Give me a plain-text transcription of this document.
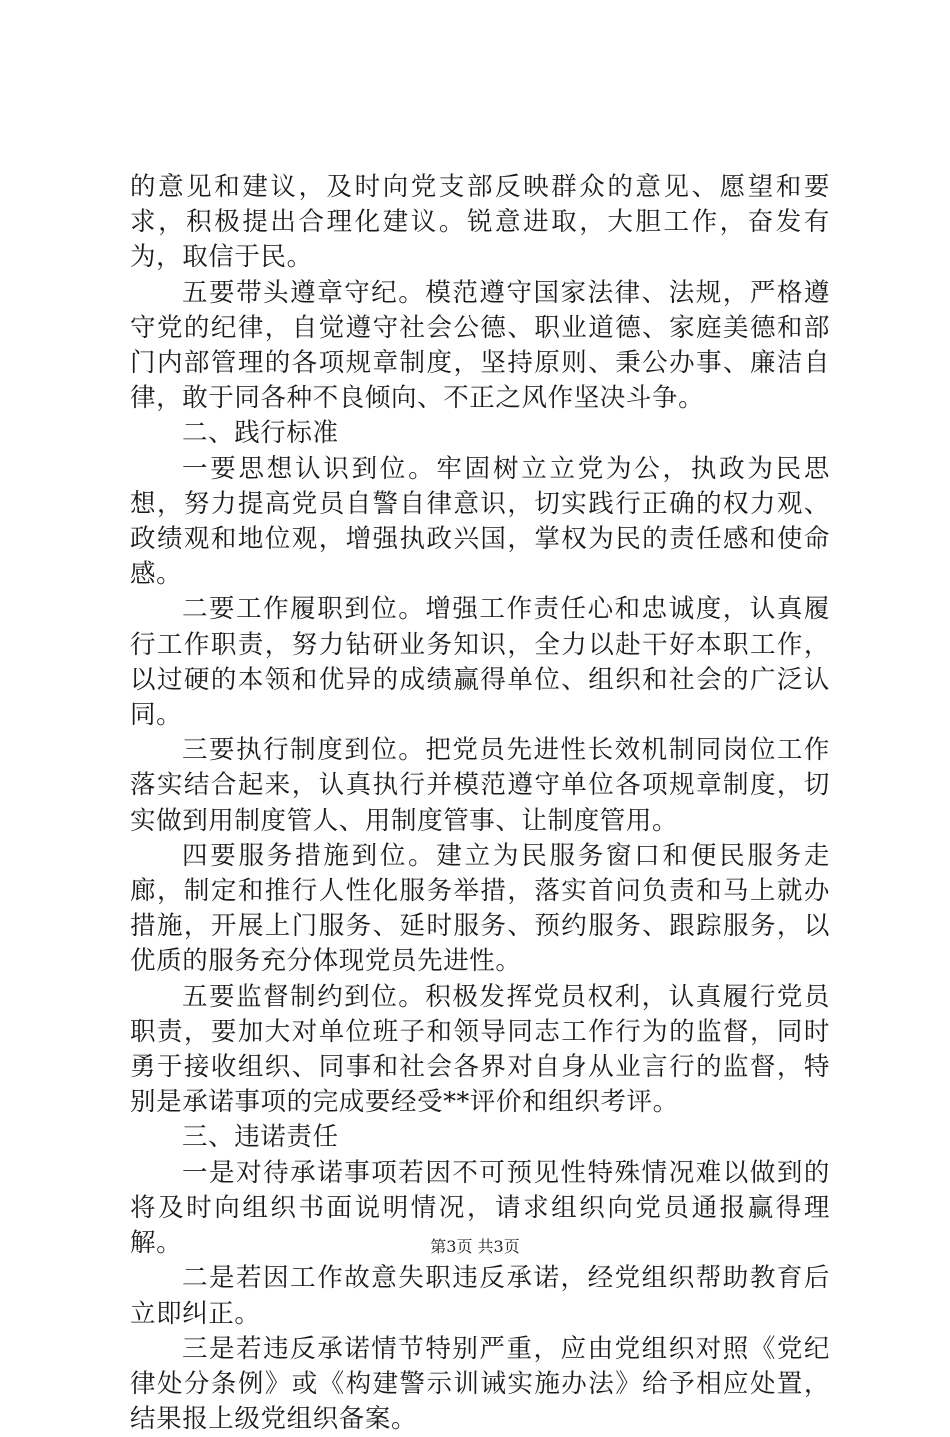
的意见和建议，及时向党支部反映群众的意见、愿望和要求，积极提出合理化建议。锐意进取，大胆工作，奋发有为，取信于民。

五要带头遵章守纪。模范遵守国家法律、法规，严格遵守党的纪律，自觉遵守社会公德、职业道德、家庭美德和部门内部管理的各项规章制度，坚持原则、秉公办事、廉洁自律，敢于同各种不良倾向、不正之风作坚决斗争。

二、践行标准

一要思想认识到位。牢固树立立党为公，执政为民思想，努力提高党员自警自律意识，切实践行正确的权力观、政绩观和地位观，增强执政兴国，掌权为民的责任感和使命感。

二要工作履职到位。增强工作责任心和忠诚度，认真履行工作职责，努力钻研业务知识，全力以赴干好本职工作，以过硬的本领和优异的成绩赢得单位、组织和社会的广泛认同。

三要执行制度到位。把党员先进性长效机制同岗位工作落实结合起来，认真执行并模范遵守单位各项规章制度，切实做到用制度管人、用制度管事、让制度管用。

四要服务措施到位。建立为民服务窗口和便民服务走廊，制定和推行人性化服务举措，落实首问负责和马上就办措施，开展上门服务、延时服务、预约服务、跟踪服务，以优质的服务充分体现党员先进性。

五要监督制约到位。积极发挥党员权利，认真履行党员职责，要加大对单位班子和领导同志工作行为的监督，同时勇于接收组织、同事和社会各界对自身从业言行的监督，特别是承诺事项的完成要经受**评价和组织考评。

三、违诺责任

一是对待承诺事项若因不可预见性特殊情况难以做到的将及时向组织书面说明情况，请求组织向党员通报赢得理解。

二是若因工作故意失职违反承诺，经党组织帮助教育后立即纠正。

三是若违反承诺情节特别严重，应由党组织对照《党纪律处分条例》或《构建警示训诫实施办法》给予相应处置，结果报上级党组织备案。

第3页 共3页
